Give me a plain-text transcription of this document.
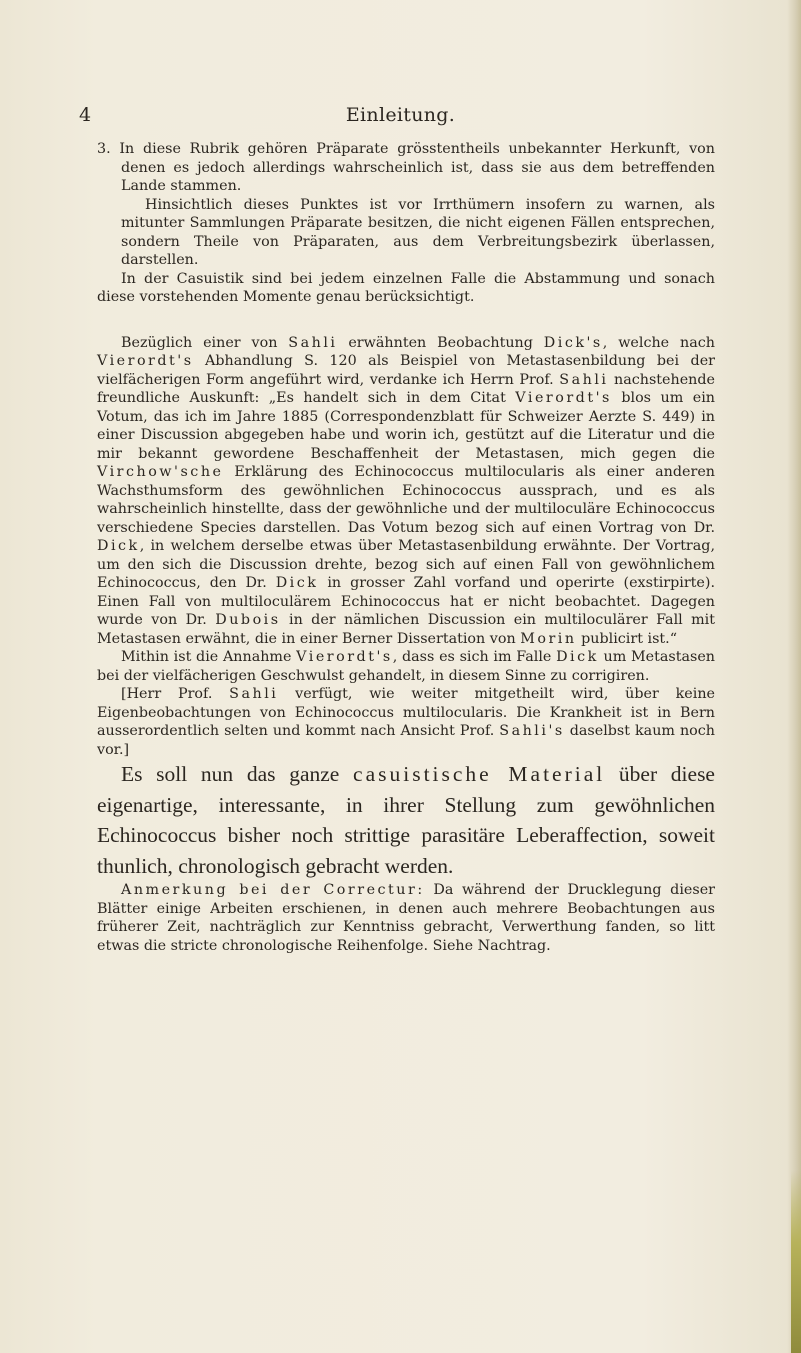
4	Einleitung.

3. In diese Rubrik gehören Präparate grösstentheils unbekannter Herkunft, von denen es jedoch allerdings wahrscheinlich ist, dass sie aus dem betreffenden Lande stammen.

Hinsichtlich dieses Punktes ist vor Irrthümern insofern zu warnen, als mitunter Sammlungen Präparate besitzen, die nicht eigenen Fällen entsprechen, sondern Theile von Präparaten, aus dem Verbreitungsbezirk überlassen, darstellen.

In der Casuistik sind bei jedem einzelnen Falle die Abstammung und sonach diese vorstehenden Momente genau berücksichtigt.

Bezüglich einer von Sahli erwähnten Beobachtung Dick's, welche nach Vierordt's Abhandlung S. 120 als Beispiel von Metastasenbildung bei der vielfächerigen Form angeführt wird, verdanke ich Herrn Prof. Sahli nachstehende freundliche Auskunft: „Es handelt sich in dem Citat Vierordt's blos um ein Votum, das ich im Jahre 1885 (Correspondenzblatt für Schweizer Aerzte S. 449) in einer Discussion abgegeben habe und worin ich, gestützt auf die Literatur und die mir bekannt gewordene Beschaffenheit der Metastasen, mich gegen die Virchow'sche Erklärung des Echinococcus multilocularis als einer anderen Wachsthumsform des gewöhnlichen Echinococcus aussprach, und es als wahrscheinlich hinstellte, dass der gewöhnliche und der multiloculäre Echinococcus verschiedene Species darstellen. Das Votum bezog sich auf einen Vortrag von Dr. Dick, in welchem derselbe etwas über Metastasenbildung erwähnte. Der Vortrag, um den sich die Discussion drehte, bezog sich auf einen Fall von gewöhnlichem Echinococcus, den Dr. Dick in grosser Zahl vorfand und operirte (exstirpirte). Einen Fall von multiloculärem Echinococcus hat er nicht beobachtet. Dagegen wurde von Dr. Dubois in der nämlichen Discussion ein multiloculärer Fall mit Metastasen erwähnt, die in einer Berner Dissertation von Morin publicirt ist.“

Mithin ist die Annahme Vierordt's, dass es sich im Falle Dick um Metastasen bei der vielfächerigen Geschwulst gehandelt, in diesem Sinne zu corrigiren.

[Herr Prof. Sahli verfügt, wie weiter mitgetheilt wird, über keine Eigenbeobachtungen von Echinococcus multilocularis. Die Krankheit ist in Bern ausserordentlich selten und kommt nach Ansicht Prof. Sahli's daselbst kaum noch vor.]

Es soll nun das ganze casuistische Material über diese eigenartige, interessante, in ihrer Stellung zum gewöhnlichen Echinococcus bisher noch strittige parasitäre Leberaffection, soweit thunlich, chronologisch gebracht werden.

Anmerkung bei der Correctur: Da während der Drucklegung dieser Blätter einige Arbeiten erschienen, in denen auch mehrere Beobachtungen aus früherer Zeit, nachträglich zur Kenntniss gebracht, Verwerthung fanden, so litt etwas die stricte chronologische Reihenfolge. Siehe Nachtrag.
